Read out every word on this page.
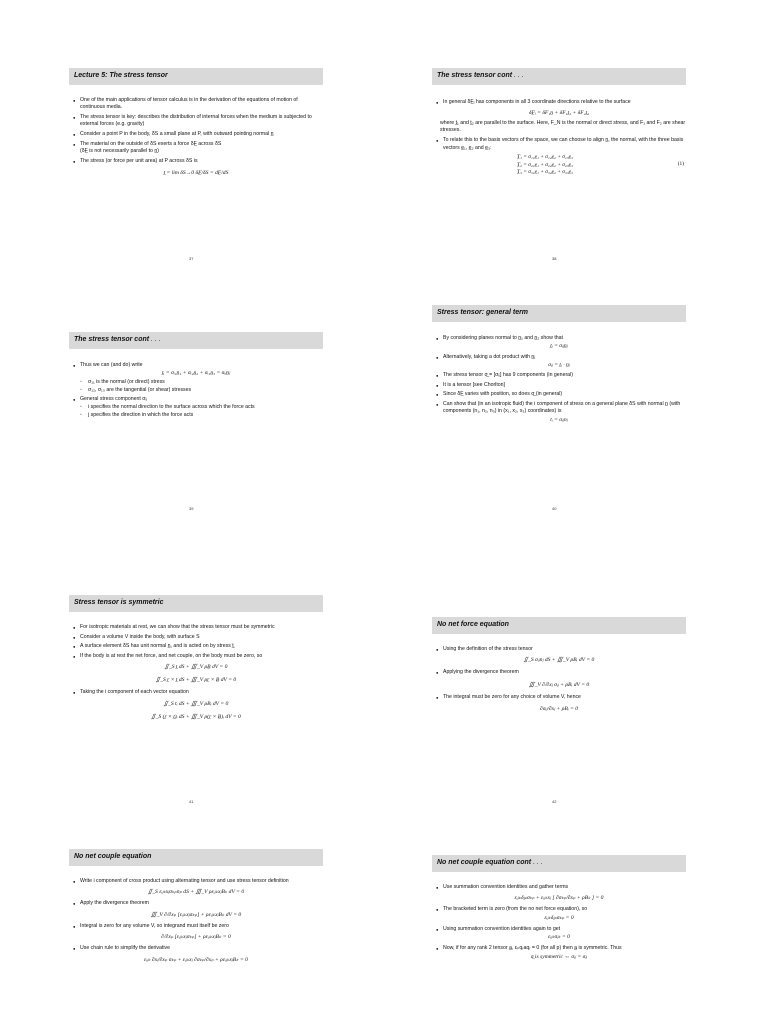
Lecture 5: The stress tensor
● One of the main applications of tensor calculus is in the derivation of the equations of motion of continuous media.
● The stress tensor is key: describes the distribution of internal forces when the medium is subjected to external forces (e.g. gravity)
● Consider a point P in the body, δS a small plane at P, with outward pointing normal n̲
● The material on the outside of δS exerts a force δF̲ across δS
(δF̲ is not necessarily parallel to n̲)
● The stress (or force per unit area) at P across δS is
t̲ = lim δS→0 δF̲/δS = dF̲/dS
37
The stress tensor cont . . .
● In general δF̲ᵢ has components in all 3 coordinate directions relative to the surface
δF̲ᵢ = δF₁n̲ + δF₁t̲₁ + δF₁t̲₂
where t̲₁ and t̲₂ are parallel to the surface. Here, F_N is the normal or direct stress, and F₁ and F₂ are shear stresses.
● To relate this to the basis vectors of the space, we can choose to align n̲, the normal, with the three basis vectors e̲₁, e̲₂ and e̲₃:
T̲₁ = σ₁₁e̲₁ + σ₁₂e̲₂ + σ₁₃e̲₃
T̲₂ = σ₂₁e̲₁ + σ₂₂e̲₂ + σ₂₃e̲₃
T̲₃ = σ₃₁e̲₁ + σ₃₂e̲₂ + σ₃₃e̲₃
(1)
38
The stress tensor cont . . .
● Thus we can (and do) write
t̲ᵢ = σᵢ₁n̲₁ + σᵢ₂n̲₂ + σᵢ₃n̲₃ = σᵢⱼn̲ⱼ
◦ σ₁₁ is the normal (or direct) stress
◦ σ₁₂, σ₁₃ are the tangential (or shear) stresses
● General stress component σᵢⱼ
◦ i specifies the normal direction to the surface across which the force acts
◦ j specifies the direction in which the force acts
39
Stress tensor: general term
● By considering planes normal to n̲₁ and n̲₂ show that
t̲ᵢ = σᵢⱼn̲ⱼ
● Alternatively, taking a dot product with n̲ⱼ
σᵢⱼ = t̲ᵢ · n̲ⱼ
● The stress tensor σ̲ = [σᵢⱼ] has 9 components (in general)
● It is a tensor [see Chorlton]
● Since δF̲ varies with position, so does σ̲ (in general)
● Can show that (in an isotropic fluid) the i component of stress on a general plane δS with normal n̲ (with components (n₁, n₂, n₃) in (x₁, x₂, x₃) coordinates) is
tᵢ = σᵢⱼnⱼ
40
Stress tensor is symmetric
● For isotropic materials at rest, we can show that the stress tensor must be symmetric
● Consider a volume V inside the body, with surface S
● A surface element δS has unit normal n̲, and is acted on by stress t̲
● If the body is at rest the net force, and net couple, on the body must be zero, so
∬_S t̲ dS + ∭_V ρB̲ dV = 0
∬_S r̲ × t̲ dS + ∭_V ρr̲ × B̲ dV = 0
● Taking the i component of each vector equation
∬_S tᵢ dS + ∭_V ρBᵢ dV = 0
∬_S (r̲ × t̲)ᵢ dS + ∭_V ρ(r̲ × B̲)ᵢ dV = 0
41
No net force equation
● Using the definition of the stress tensor
∬_S σᵢⱼnⱼ dS + ∭_V ρBᵢ dV = 0
● Applying the divergence theorem
∭_V ∂/∂xⱼ σᵢⱼ + ρBᵢ dV = 0
● The integral must be zero for any choice of volume V, hence
∂σᵢⱼ/∂xⱼ + ρBᵢ = 0
42
No net couple equation
● Write i component of cross product using alternating tensor and use stress tensor definition
∬_S εᵢⱼₖxⱼσₖₚnₚ dS + ∭_V ρεᵢⱼₖxⱼBₖ dV = 0
● Apply the divergence theorem
∭_V ∂/∂xₚ [εᵢⱼₖxⱼσₖₚ] + ρεᵢⱼₖxⱼBₖ dV = 0
● Integral is zero for any volume V, so integrand must itself be zero
∂/∂xₚ [εᵢⱼₖxⱼσₖₚ] + ρεᵢⱼₖxⱼBₖ = 0
● Use chain rule to simplify the derivative
εᵢⱼₖ ∂xⱼ/∂xₚ σₖₚ + εᵢⱼₖxⱼ ∂σₖₚ/∂xₚ + ρεᵢⱼₖxⱼBₖ = 0
No net couple equation cont . . .
● Use summation convention identities and gather terms
εᵢⱼₖδⱼₚσₖₚ + εᵢⱼₖxⱼ [ ∂σₖₚ/∂xₚ + ρBₖ ] = 0
● The bracketed term is zero (from the no net force equation), so
εᵢⱼₖδⱼₚσₖₚ = 0
● Using summation convention identities again to get
εᵢⱼₖσⱼₖ = 0
● Now, if for any rank 2 tensor a̲, εₚqᵣaqᵣ = 0 (for all p) then a̲ is symmetric. Thus
σ̲ is symmetric ⇔ σᵢⱼ = σⱼᵢ
